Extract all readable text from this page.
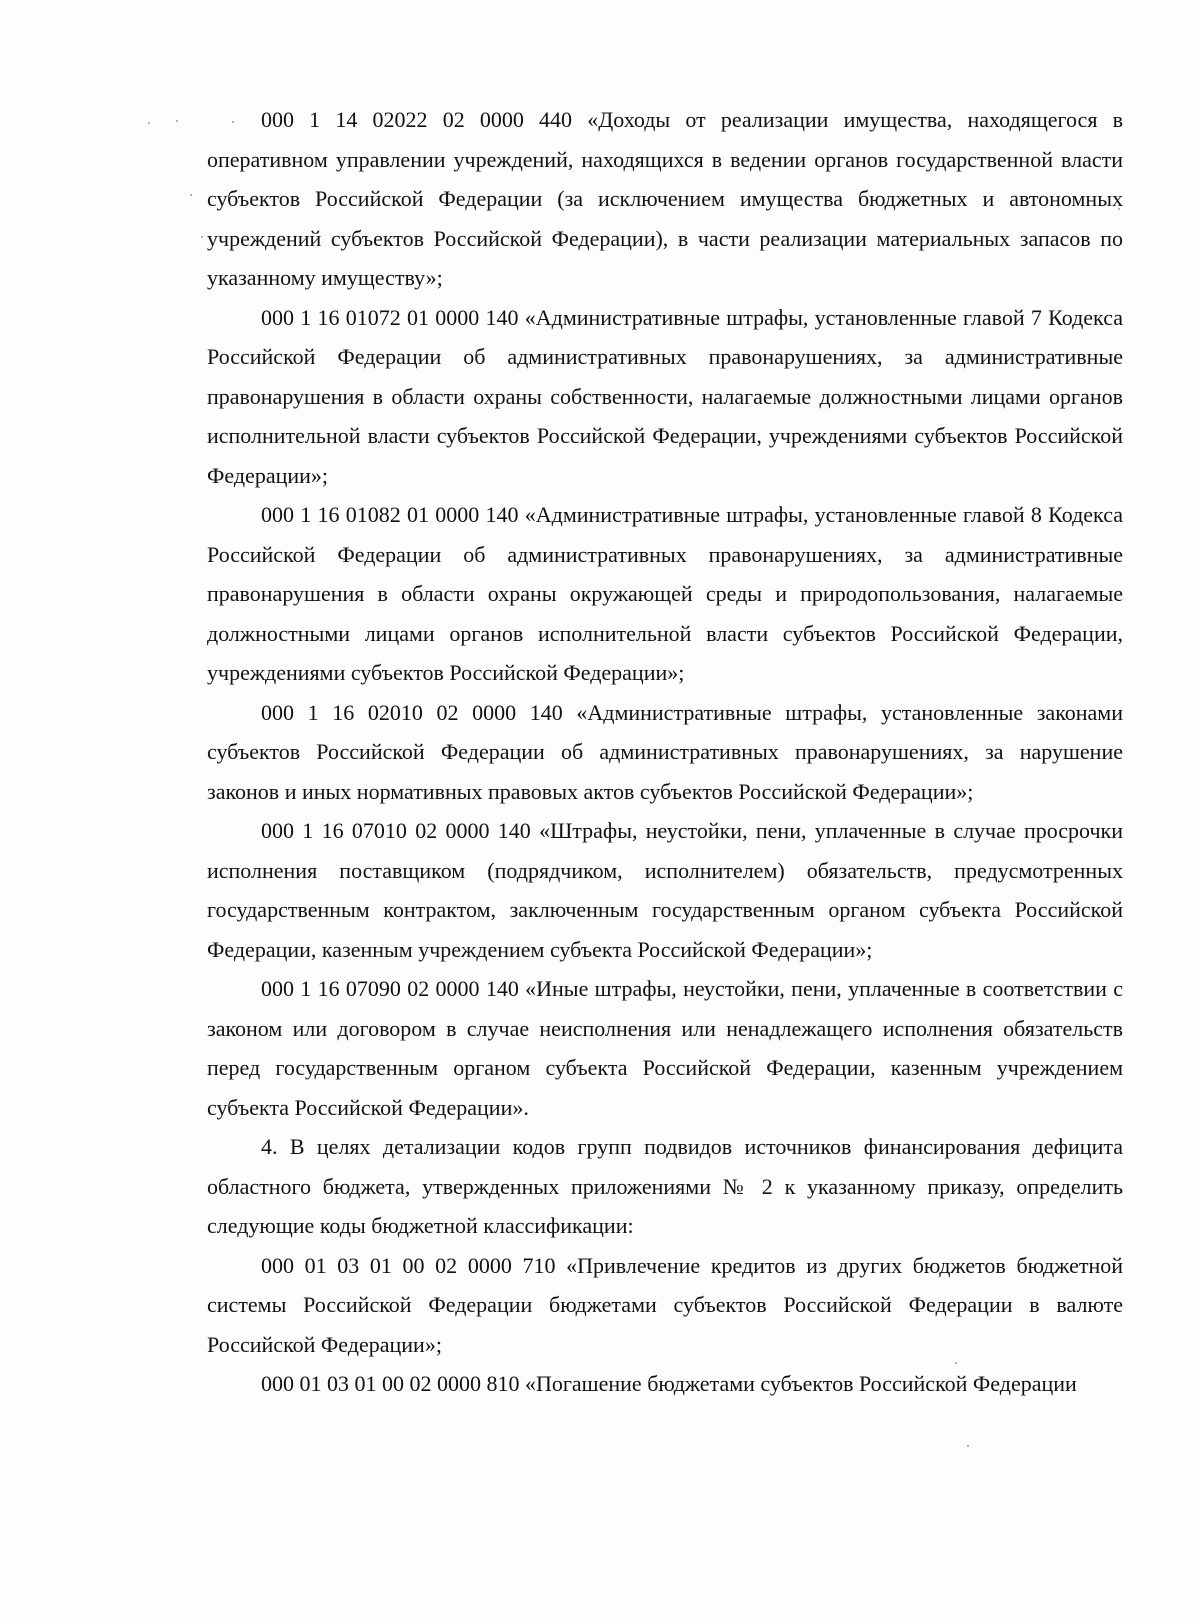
000 1 14 02022 02 0000 440 «Доходы от реализации имущества, находящегося в оперативном управлении учреждений, находящихся в ведении органов государственной власти субъектов Российской Федерации (за исключением имущества бюджетных и автономных учреждений субъектов Российской Федерации), в части реализации материальных запасов по указанному имуществу»;

000 1 16 01072 01 0000 140 «Административные штрафы, установленные главой 7 Кодекса Российской Федерации об административных правонарушениях, за административные правонарушения в области охраны собственности, налагаемые должностными лицами органов исполнительной власти субъектов Российской Федерации, учреждениями субъектов Российской Федерации»;

000 1 16 01082 01 0000 140 «Административные штрафы, установленные главой 8 Кодекса Российской Федерации об административных правонарушениях, за административные правонарушения в области охраны окружающей среды и природопользования, налагаемые должностными лицами органов исполнительной власти субъектов Российской Федерации, учреждениями субъектов Российской Федерации»;

000 1 16 02010 02 0000 140 «Административные штрафы, установленные законами субъектов Российской Федерации об административных правонарушениях, за нарушение законов и иных нормативных правовых актов субъектов Российской Федерации»;

000 1 16 07010 02 0000 140 «Штрафы, неустойки, пени, уплаченные в случае просрочки исполнения поставщиком (подрядчиком, исполнителем) обязательств, предусмотренных государственным контрактом, заключенным государственным органом субъекта Российской Федерации, казенным учреждением субъекта Российской Федерации»;

000 1 16 07090 02 0000 140 «Иные штрафы, неустойки, пени, уплаченные в соответствии с законом или договором в случае неисполнения или ненадлежащего исполнения обязательств перед государственным органом субъекта Российской Федерации, казенным учреждением субъекта Российской Федерации».

4. В целях детализации кодов групп подвидов источников финансирования дефицита областного бюджета, утвержденных приложениями № 2 к указанному приказу, определить следующие коды бюджетной классификации:

000 01 03 01 00 02 0000 710 «Привлечение кредитов из других бюджетов бюджетной системы Российской Федерации бюджетами субъектов Российской Федерации в валюте Российской Федерации»;

000 01 03 01 00 02 0000 810 «Погашение бюджетами субъектов Российской Федерации
